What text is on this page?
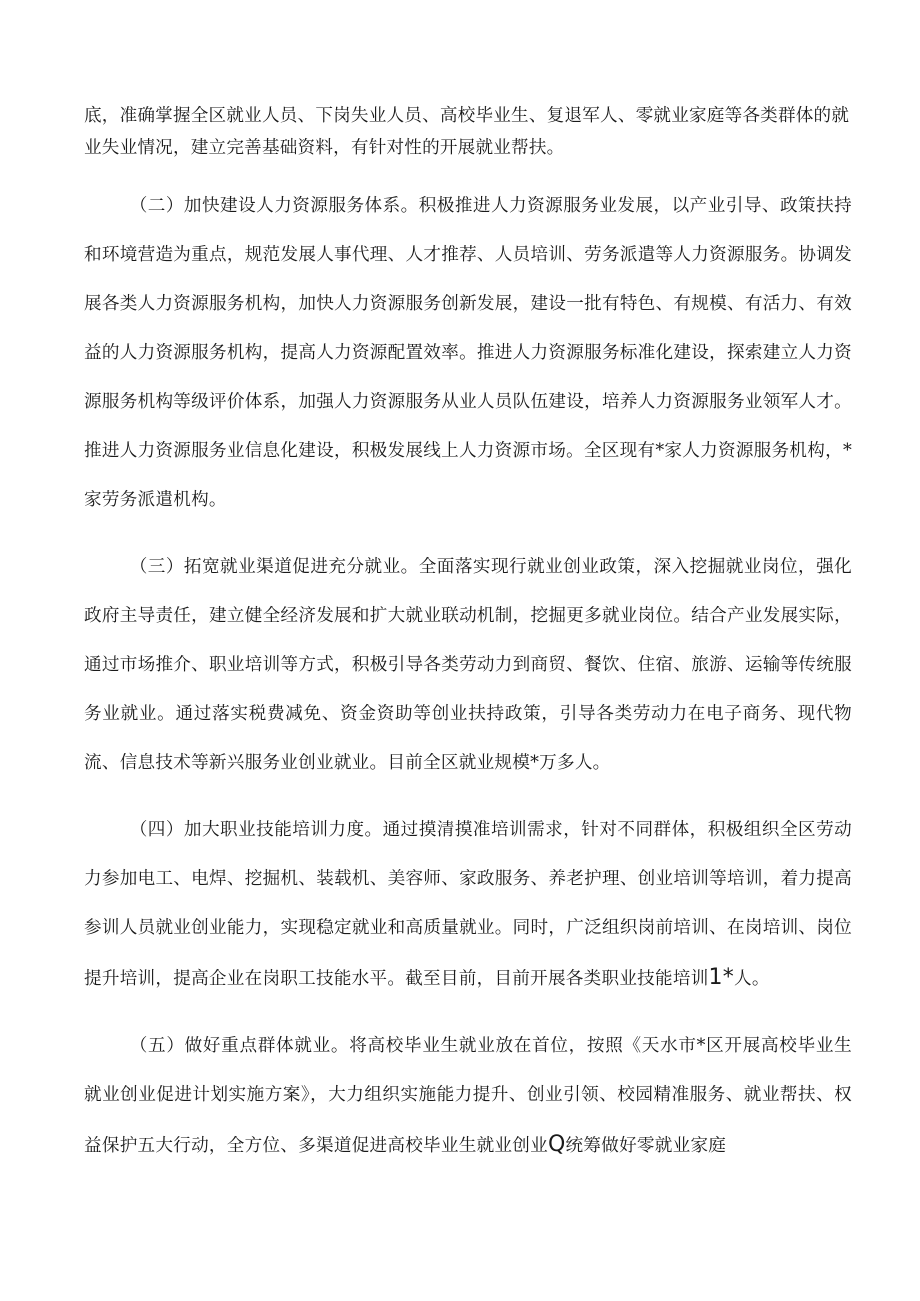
底，准确掌握全区就业人员、下岗失业人员、高校毕业生、复退军人、零就业家庭等各类群体的就业失业情况，建立完善基础资料，有针对性的开展就业帮扶。

（二）加快建设人力资源服务体系。积极推进人力资源服务业发展，以产业引导、政策扶持和环境营造为重点，规范发展人事代理、人才推荐、人员培训、劳务派遣等人力资源服务。协调发展各类人力资源服务机构，加快人力资源服务创新发展，建设一批有特色、有规模、有活力、有效益的人力资源服务机构，提高人力资源配置效率。推进人力资源服务标准化建设，探索建立人力资源服务机构等级评价体系，加强人力资源服务从业人员队伍建设，培养人力资源服务业领军人才。推进人力资源服务业信息化建设，积极发展线上人力资源市场。全区现有*家人力资源服务机构，*家劳务派遣机构。

（三）拓宽就业渠道促进充分就业。全面落实现行就业创业政策，深入挖掘就业岗位，强化政府主导责任，建立健全经济发展和扩大就业联动机制，挖掘更多就业岗位。结合产业发展实际，通过市场推介、职业培训等方式，积极引导各类劳动力到商贸、餐饮、住宿、旅游、运输等传统服务业就业。通过落实税费减免、资金资助等创业扶持政策，引导各类劳动力在电子商务、现代物流、信息技术等新兴服务业创业就业。目前全区就业规模*万多人。

（四）加大职业技能培训力度。通过摸清摸准培训需求，针对不同群体，积极组织全区劳动力参加电工、电焊、挖掘机、装载机、美容师、家政服务、养老护理、创业培训等培训，着力提高参训人员就业创业能力，实现稳定就业和高质量就业。同时，广泛组织岗前培训、在岗培训、岗位提升培训，提高企业在岗职工技能水平。截至目前，目前开展各类职业技能培训1*人。

（五）做好重点群体就业。将高校毕业生就业放在首位，按照《天水市*区开展高校毕业生就业创业促进计划实施方案》，大力组织实施能力提升、创业引领、校园精准服务、就业帮扶、权益保护五大行动，全方位、多渠道促进高校毕业生就业创业Q统筹做好零就业家庭
